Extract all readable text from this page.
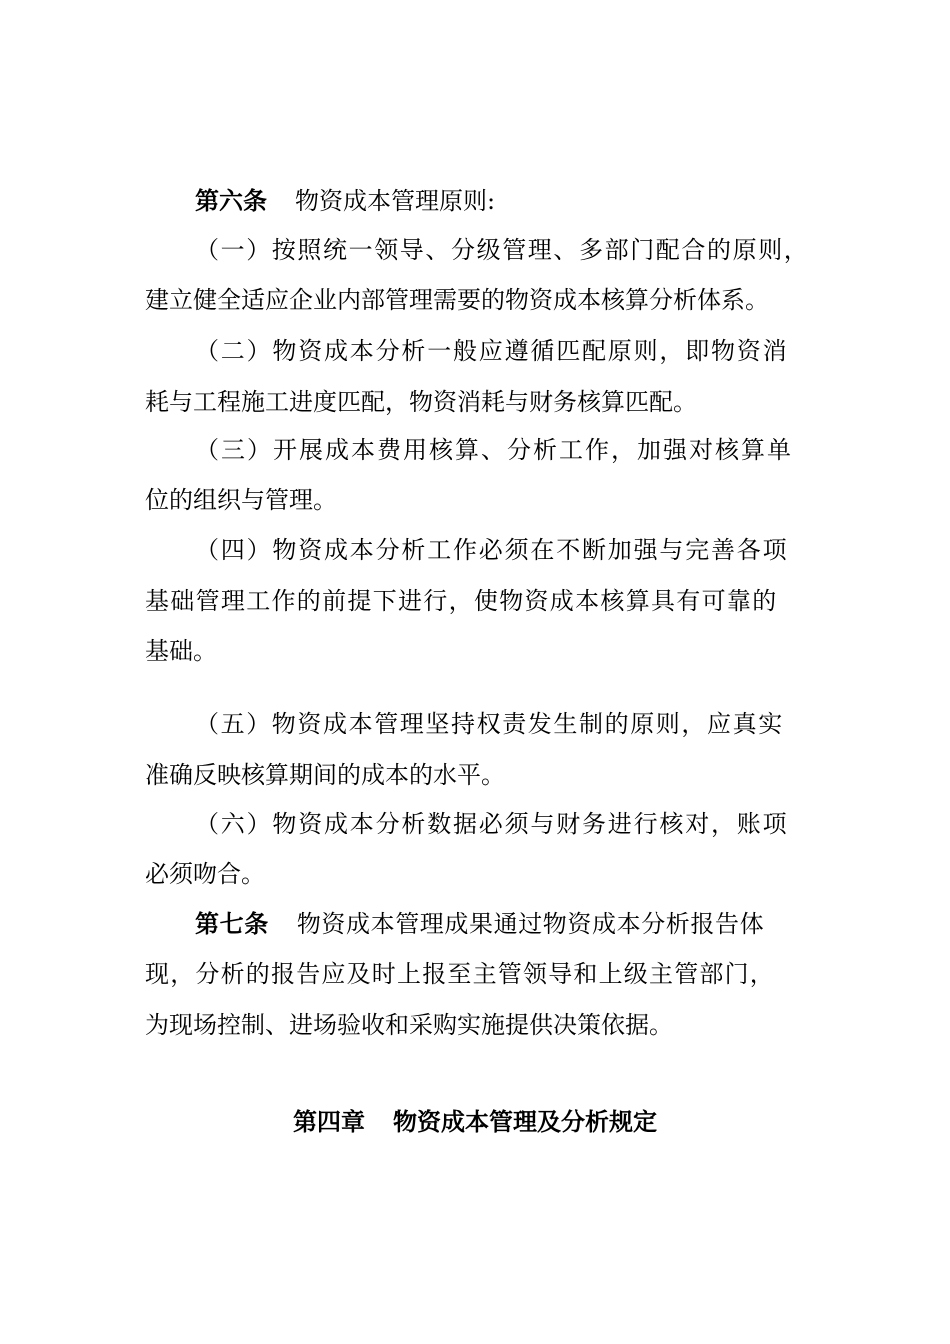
第六条 物资成本管理原则:
（一）按照统一领导、分级管理、多部门配合的原则，
建立健全适应企业内部管理需要的物资成本核算分析体系。
（二）物资成本分析一般应遵循匹配原则，即物资消
耗与工程施工进度匹配，物资消耗与财务核算匹配。
（三）开展成本费用核算、分析工作，加强对核算单
位的组织与管理。
（四）物资成本分析工作必须在不断加强与完善各项
基础管理工作的前提下进行，使物资成本核算具有可靠的
基础。
（五）物资成本管理坚持权责发生制的原则，应真实
准确反映核算期间的成本的水平。
（六）物资成本分析数据必须与财务进行核对，账项
必须吻合。
第七条 物资成本管理成果通过物资成本分析报告体
现，分析的报告应及时上报至主管领导和上级主管部门，
为现场控制、进场验收和采购实施提供决策依据。
第四章 物资成本管理及分析规定
